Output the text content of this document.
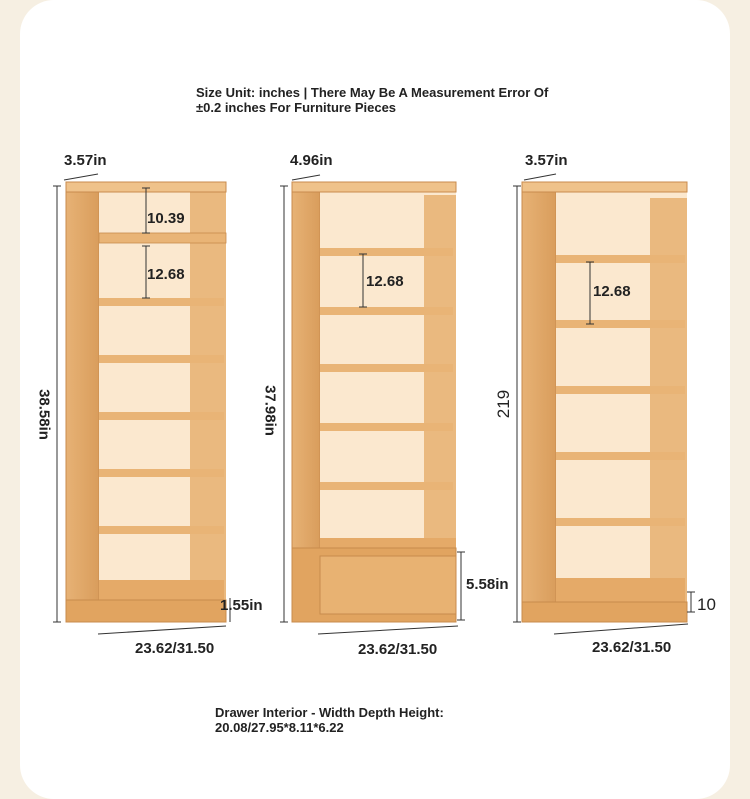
Size Unit: inches | There May Be A Measurement Error Of
±0.2 inches For Furniture Pieces
3.57in
10.39
12.68
38.58in
1.55in
23.62/31.50
4.96in
12.68
37.98in
5.58in
23.62/31.50
3.57in
12.68
219
10
23.62/31.50
Drawer Interior - Width Depth Height:
20.08/27.95*8.11*6.22
